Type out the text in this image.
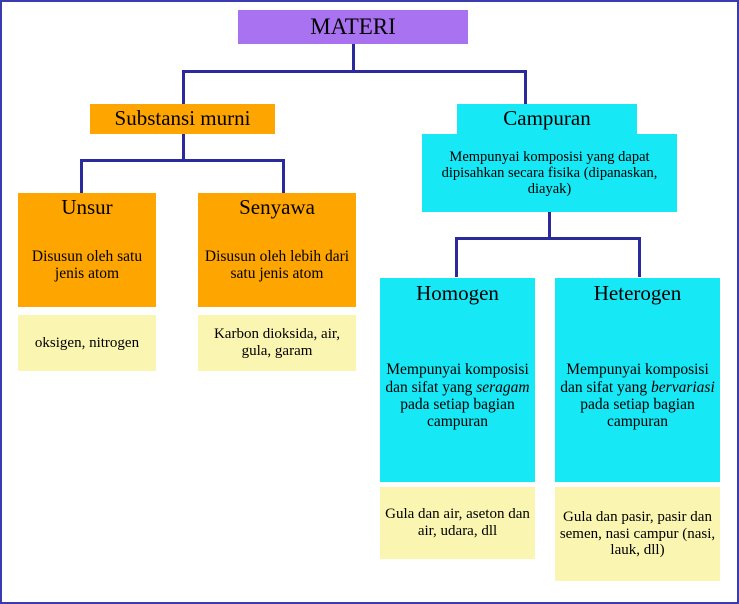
MATERI
Substansi murni
Unsur
Disusun oleh satu jenis atom
oksigen, nitrogen
Senyawa
Disusun oleh lebih dari satu jenis atom
Karbon dioksida, air, gula, garam
Campuran
Mempunyai komposisi yang dapat dipisahkan secara fisika (dipanaskan, diayak)
Homogen
Mempunyai komposisi dan sifat yang seragam pada setiap bagian campuran
Gula dan air, aseton dan air, udara, dll
Heterogen
Mempunyai komposisi dan sifat yang bervariasi pada setiap bagian campuran
Gula dan pasir, pasir dan semen, nasi campur (nasi, lauk, dll)
